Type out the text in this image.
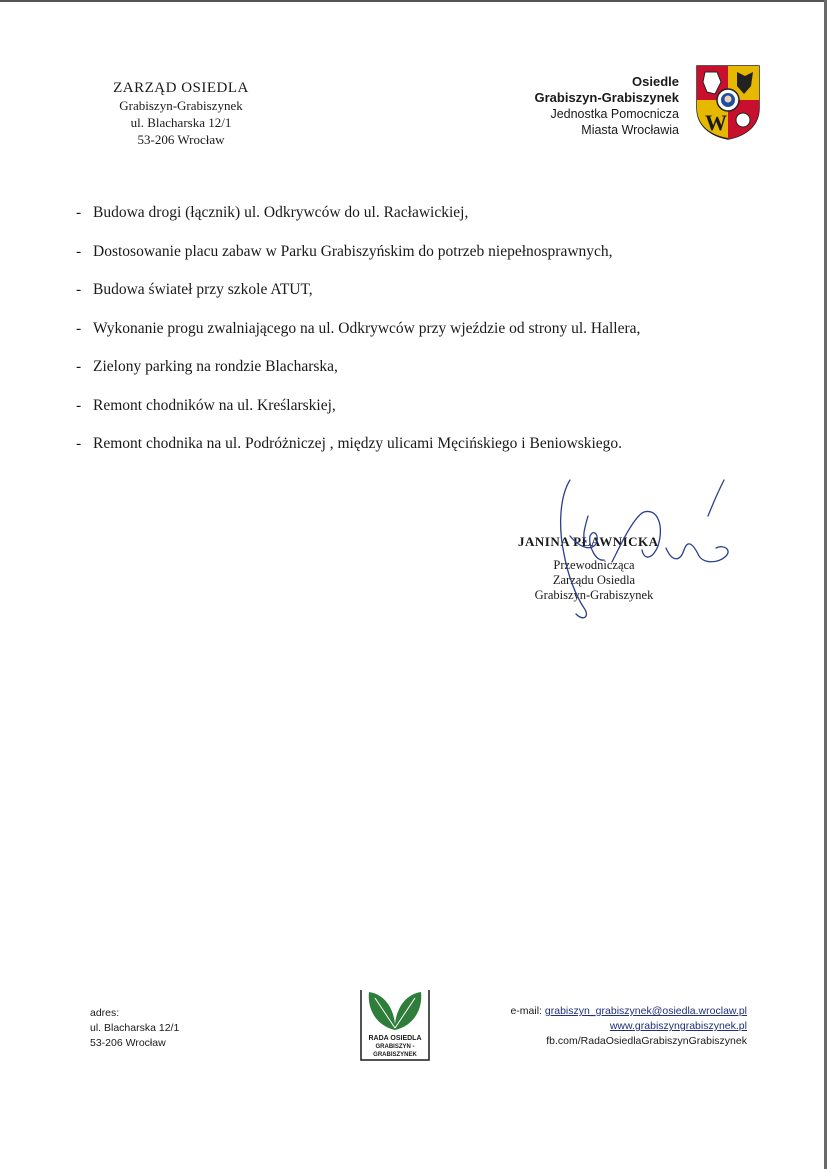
ZARZĄD OSIEDLA
Grabiszyn-Grabiszynek
ul. Blacharska 12/1
53-206 Wrocław
Osiedle
Grabiszyn-Grabiszynek
Jednostka Pomocnicza
Miasta Wrocławia W
- Budowa drogi (łącznik) ul. Odkrywców do ul. Racławickiej,
- Dostosowanie placu zabaw w Parku Grabiszyńskim do potrzeb niepełnosprawnych,
- Budowa świateł przy szkole ATUT,
- Wykonanie progu zwalniającego na ul. Odkrywców przy wjeździe od strony ul. Hallera,
- Zielony parking na rondzie Blacharska,
- Remont chodników na ul. Kreślarskiej,
- Remont chodnika na ul. Podróżniczej , między ulicami Męcińskiego i Beniowskiego.
JANINA PŁAWNICKA
Przewodnicząca
Zarządu Osiedla
Grabiszyn-Grabiszynek
adres:
ul. Blacharska 12/1
53-206 Wrocław	RADA OSIEDLA
GRABISZYN -
GRABISZYNEK
e-mail: grabiszyn_grabiszynek@osiedla.wroclaw.pl
www.grabiszyngrabiszynek.pl
fb.com/RadaOsiedlaGrabiszynGrabiszynek
